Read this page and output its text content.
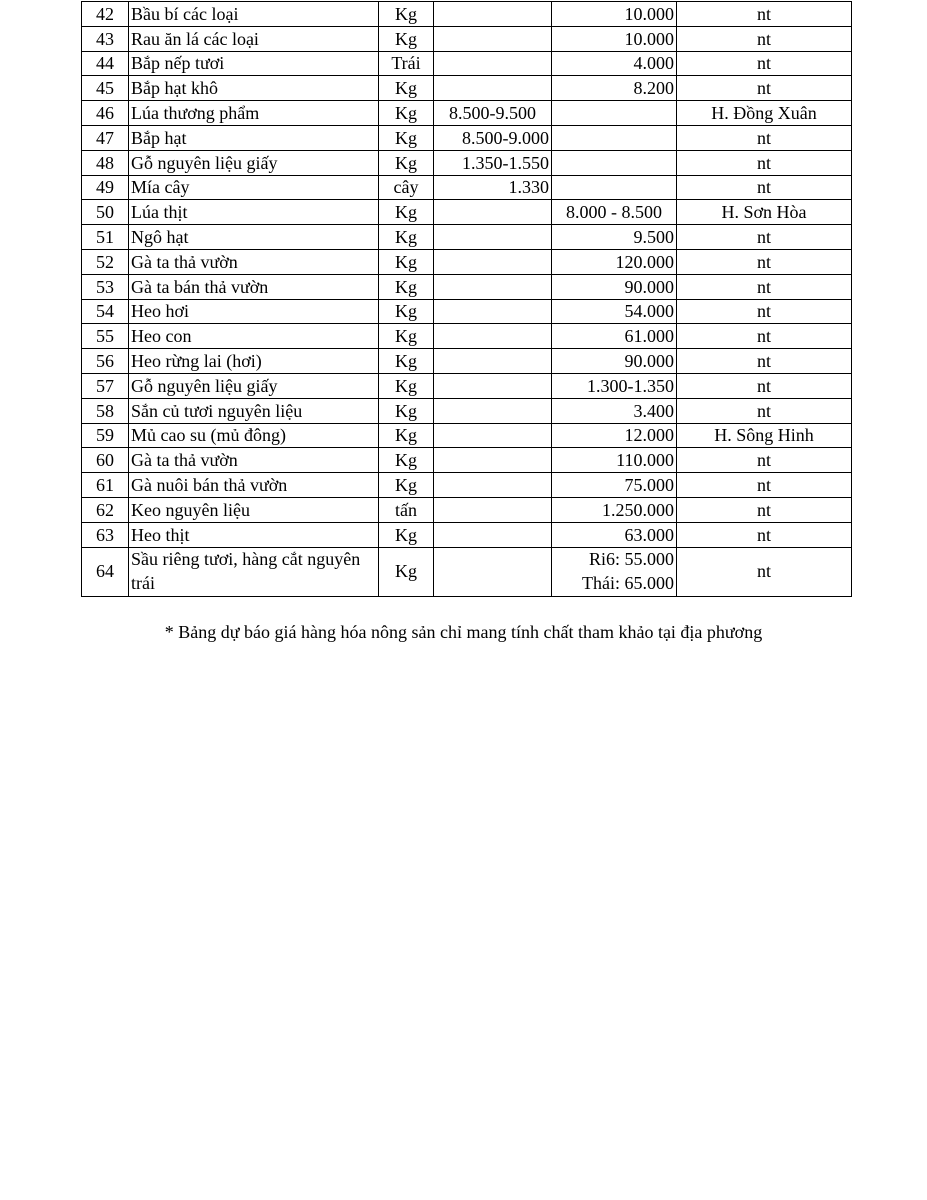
42	Bầu bí các loại	Kg		10.000	nt
43	Rau ăn lá các loại	Kg		10.000	nt
44	Bắp nếp tươi	Trái		4.000	nt
45	Bắp hạt khô	Kg		8.200	nt
46	Lúa thương phẩm	Kg	8.500-9.500		H. Đồng Xuân
47	Bắp hạt	Kg	8.500-9.000		nt
48	Gỗ nguyên liệu giấy	Kg	1.350-1.550		nt
49	Mía cây	cây	1.330		nt
50	Lúa thịt	Kg		8.000 - 8.500	H. Sơn Hòa
51	Ngô hạt	Kg		9.500	nt
52	Gà ta thả vườn	Kg		120.000	nt
53	Gà ta bán thả vườn	Kg		90.000	nt
54	Heo hơi	Kg		54.000	nt
55	Heo con	Kg		61.000	nt
56	Heo rừng lai (hơi)	Kg		90.000	nt
57	Gỗ nguyên liệu giấy	Kg		1.300-1.350	nt
58	Sắn củ tươi nguyên liệu	Kg		3.400	nt
59	Mủ cao su (mủ đông)	Kg		12.000	H. Sông Hinh
60	Gà ta thả vườn	Kg		110.000	nt
61	Gà nuôi bán thả vườn	Kg		75.000	nt
62	Keo nguyên liệu	tấn		1.250.000	nt
63	Heo thịt	Kg		63.000	nt
64	Sầu riêng tươi, hàng cắt nguyên trái	Kg		Ri6: 55.000
Thái: 65.000	nt
* Bảng dự báo giá hàng hóa nông sản chỉ mang tính chất tham khảo tại địa phương
